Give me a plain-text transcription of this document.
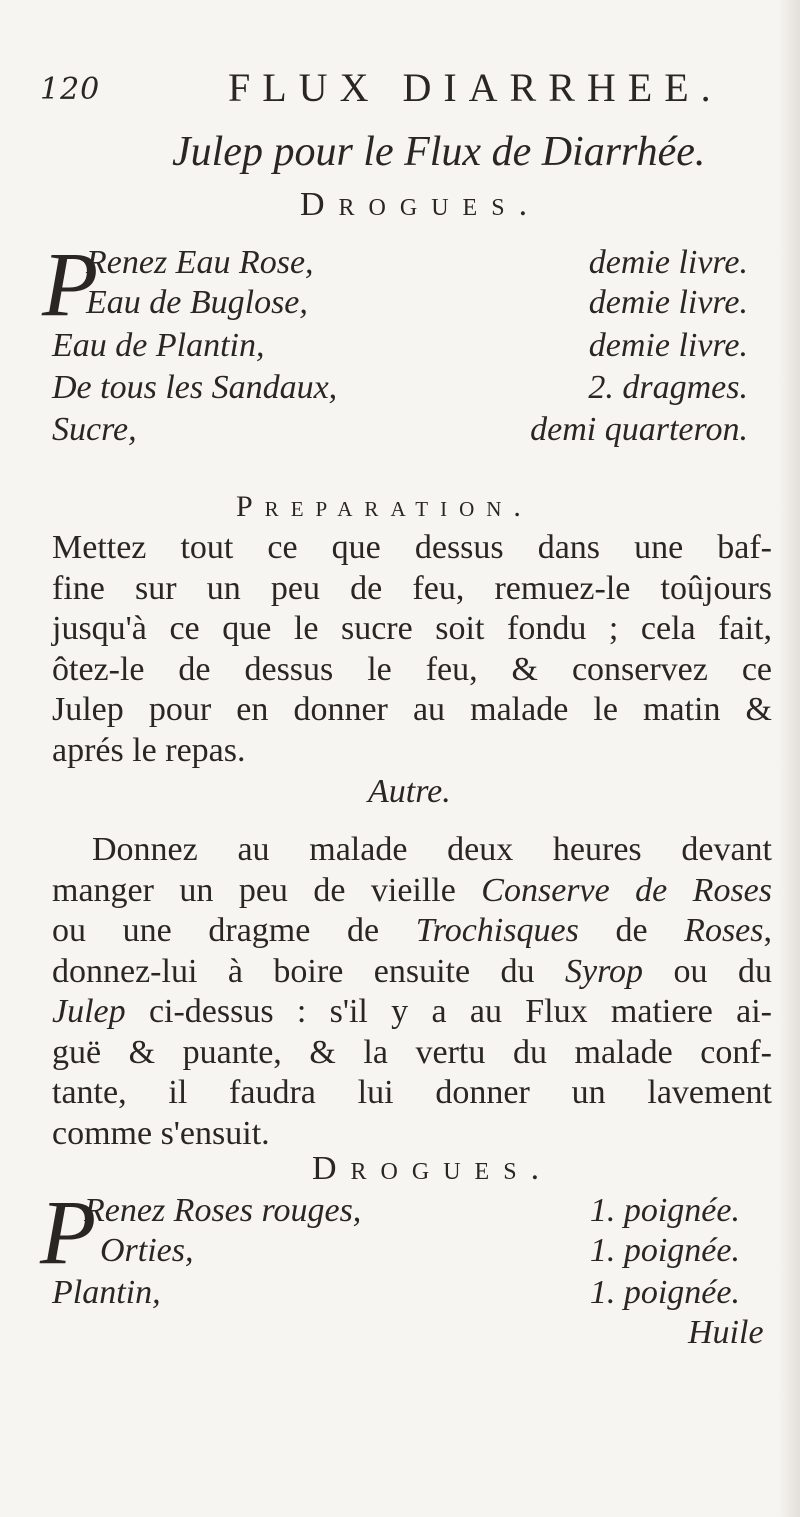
120	FLUX DIARRHEE.
Julep pour le Flux de Diarrhée.
Drogues.
P
Renez Eau Rose,	demie livre.
Eau de Buglose,	demie livre.
Eau de Plantin,	demie livre.
De tous les Sandaux,	2. dragmes.
Sucre,	demi quarteron.
Preparation.
Mettez tout ce que dessus dans une baf-
fine sur un peu de feu, remuez-le toûjours
jusqu'à ce que le sucre soit fondu ; cela fait,
ôtez-le de dessus le feu, & conservez ce
Julep pour en donner au malade le matin &
aprés le repas.
Autre.
Donnez au malade deux heures devant
manger un peu de vieille Conserve de Roses
ou une dragme de Trochisques de Roses,
donnez-lui à boire ensuite du Syrop ou du
Julep ci-dessus : s'il y a au Flux matiere ai-
guë & puante, & la vertu du malade conf-
tante, il faudra lui donner un lavement
comme s'ensuit.
Drogues.
P
Renez Roses rouges,	1. poignée.
Orties,	1. poignée.
Plantin,	1. poignée.
Huile
